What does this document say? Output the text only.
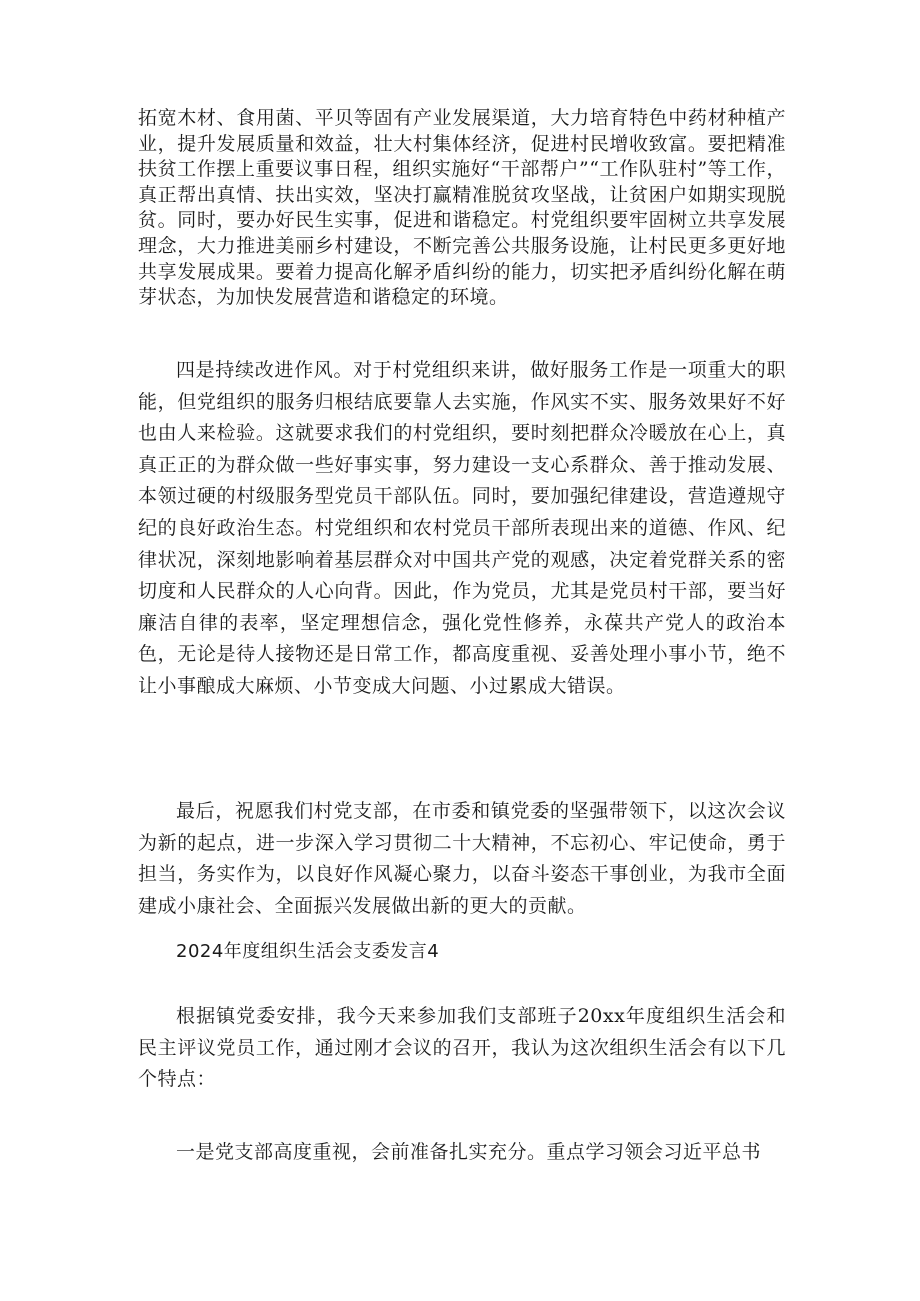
拓宽木材、食用菌、平贝等固有产业发展渠道，大力培育特色中药材种植产业，提升发展质量和效益，壮大村集体经济，促进村民增收致富。要把精准扶贫工作摆上重要议事日程，组织实施好“干部帮户”“工作队驻村”等工作，真正帮出真情、扶出实效，坚决打赢精准脱贫攻坚战，让贫困户如期实现脱贫。同时，要办好民生实事，促进和谐稳定。村党组织要牢固树立共享发展理念，大力推进美丽乡村建设，不断完善公共服务设施，让村民更多更好地共享发展成果。要着力提高化解矛盾纠纷的能力，切实把矛盾纠纷化解在萌芽状态，为加快发展营造和谐稳定的环境。

四是持续改进作风。对于村党组织来讲，做好服务工作是一项重大的职能，但党组织的服务归根结底要靠人去实施，作风实不实、服务效果好不好也由人来检验。这就要求我们的村党组织，要时刻把群众冷暖放在心上，真真正正的为群众做一些好事实事，努力建设一支心系群众、善于推动发展、本领过硬的村级服务型党员干部队伍。同时，要加强纪律建设，营造遵规守纪的良好政治生态。村党组织和农村党员干部所表现出来的道德、作风、纪律状况，深刻地影响着基层群众对中国共产党的观感，决定着党群关系的密切度和人民群众的人心向背。因此，作为党员，尤其是党员村干部，要当好廉洁自律的表率，坚定理想信念，强化党性修养，永葆共产党人的政治本色，无论是待人接物还是日常工作，都高度重视、妥善处理小事小节，绝不让小事酿成大麻烦、小节变成大问题、小过累成大错误。

最后，祝愿我们村党支部，在市委和镇党委的坚强带领下，以这次会议为新的起点，进一步深入学习贯彻二十大精神，不忘初心、牢记使命，勇于担当，务实作为，以良好作风凝心聚力，以奋斗姿态干事创业，为我市全面建成小康社会、全面振兴发展做出新的更大的贡献。

2024年度组织生活会支委发言4

根据镇党委安排，我今天来参加我们支部班子20xx年度组织生活会和民主评议党员工作，通过刚才会议的召开，我认为这次组织生活会有以下几个特点：

一是党支部高度重视，会前准备扎实充分。重点学习领会习近平总书
